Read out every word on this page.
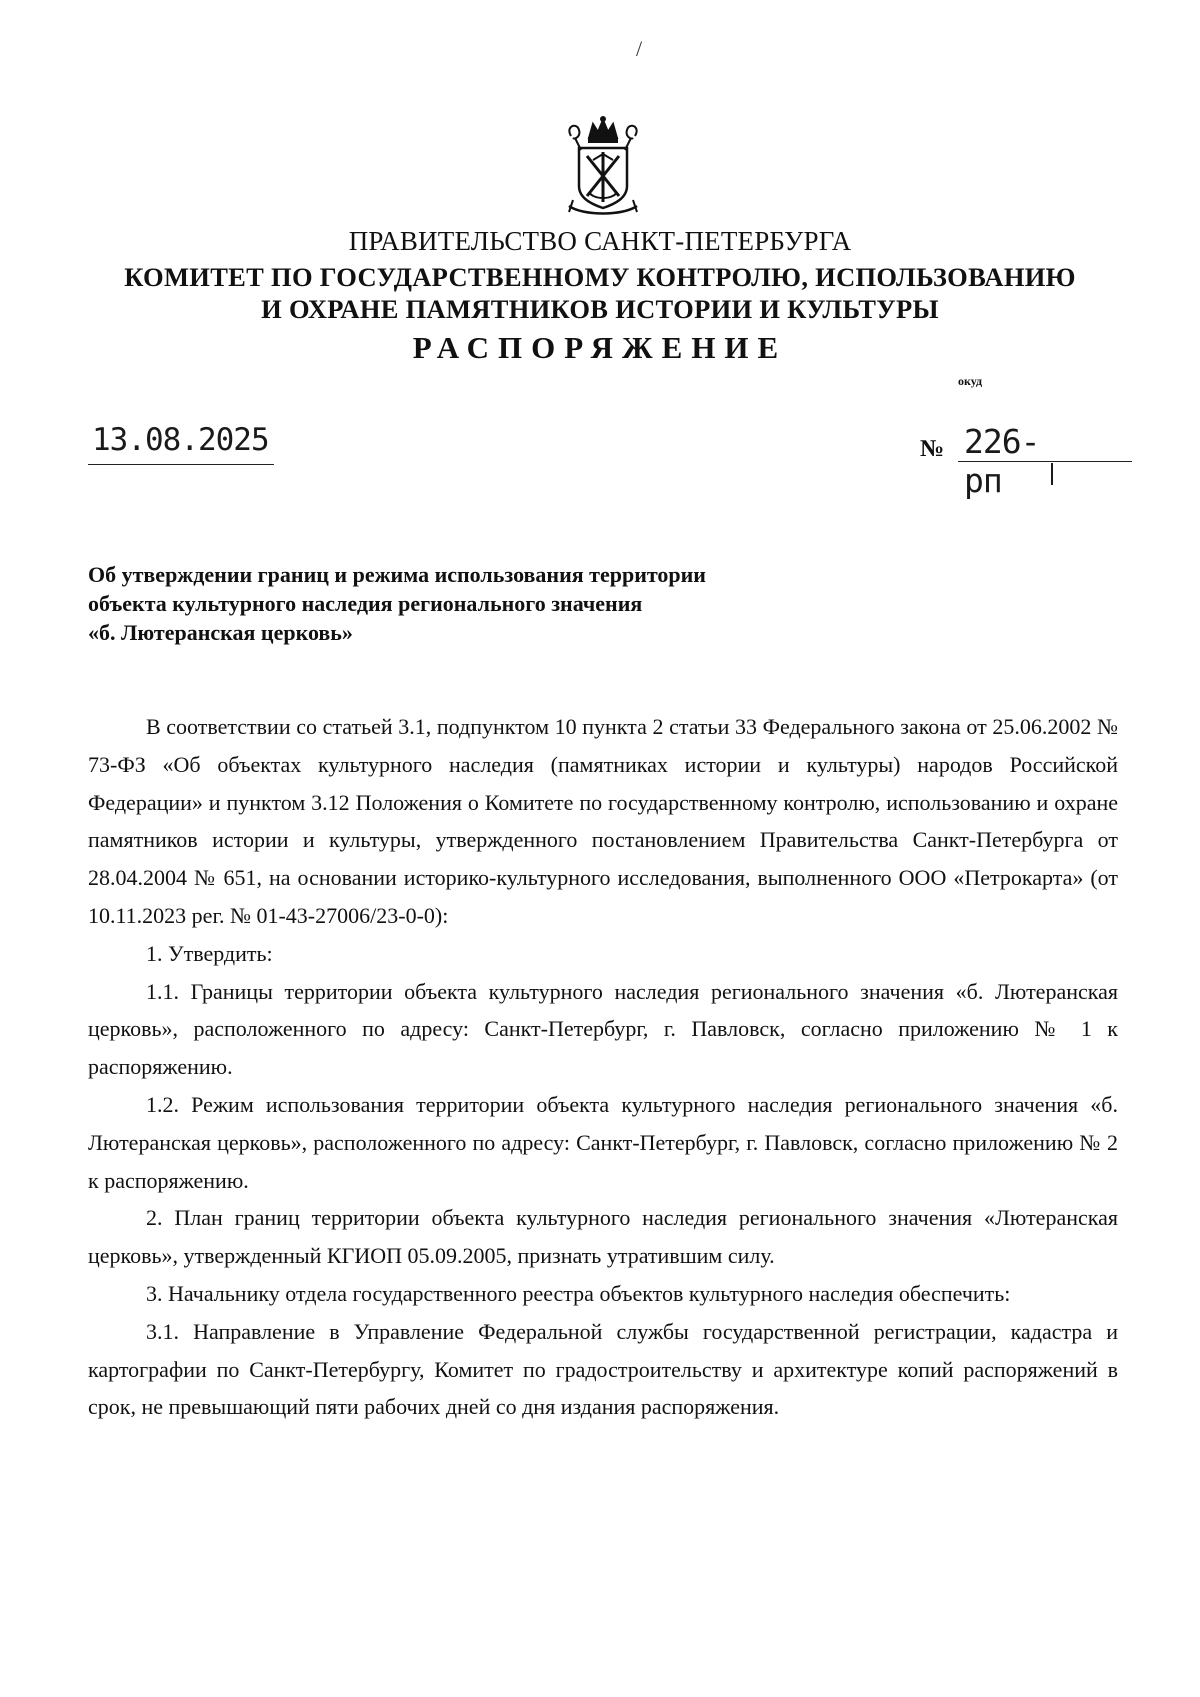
/
ПРАВИТЕЛЬСТВО САНКТ-ПЕТЕРБУРГА
КОМИТЕТ ПО ГОСУДАРСТВЕННОМУ КОНТРОЛЮ, ИСПОЛЬЗОВАНИЮ
И ОХРАНЕ ПАМЯТНИКОВ ИСТОРИИ И КУЛЬТУРЫ
РАСПОРЯЖЕНИЕ
окуд
13.08.2025	№ 226-рп
Об утверждении границ и режима использования территории
объекта культурного наследия регионального значения
«б. Лютеранская церковь»

В соответствии со статьей 3.1, подпунктом 10 пункта 2 статьи 33 Федерального закона от 25.06.2002 № 73-ФЗ «Об объектах культурного наследия (памятниках истории и культуры) народов Российской Федерации» и пунктом 3.12 Положения о Комитете по государственному контролю, использованию и охране памятников истории и культуры, утвержденного постановлением Правительства Санкт-Петербурга от 28.04.2004 № 651, на основании историко-культурного исследования, выполненного ООО «Петрокарта» (от 10.11.2023 рег. № 01-43-27006/23-0-0):

1. Утвердить:

1.1. Границы территории объекта культурного наследия регионального значения «б. Лютеранская церковь», расположенного по адресу: Санкт-Петербург, г. Павловск, согласно приложению № 1 к распоряжению.

1.2. Режим использования территории объекта культурного наследия регионального значения «б. Лютеранская церковь», расположенного по адресу: Санкт-Петербург, г. Павловск, согласно приложению № 2 к распоряжению.

2. План границ территории объекта культурного наследия регионального значения «Лютеранская церковь», утвержденный КГИОП 05.09.2005, признать утратившим силу.

3. Начальнику отдела государственного реестра объектов культурного наследия обеспечить:

3.1. Направление в Управление Федеральной службы государственной регистрации, кадастра и картографии по Санкт-Петербургу, Комитет по градостроительству и архитектуре копий распоряжений в срок, не превышающий пяти рабочих дней со дня издания распоряжения.
